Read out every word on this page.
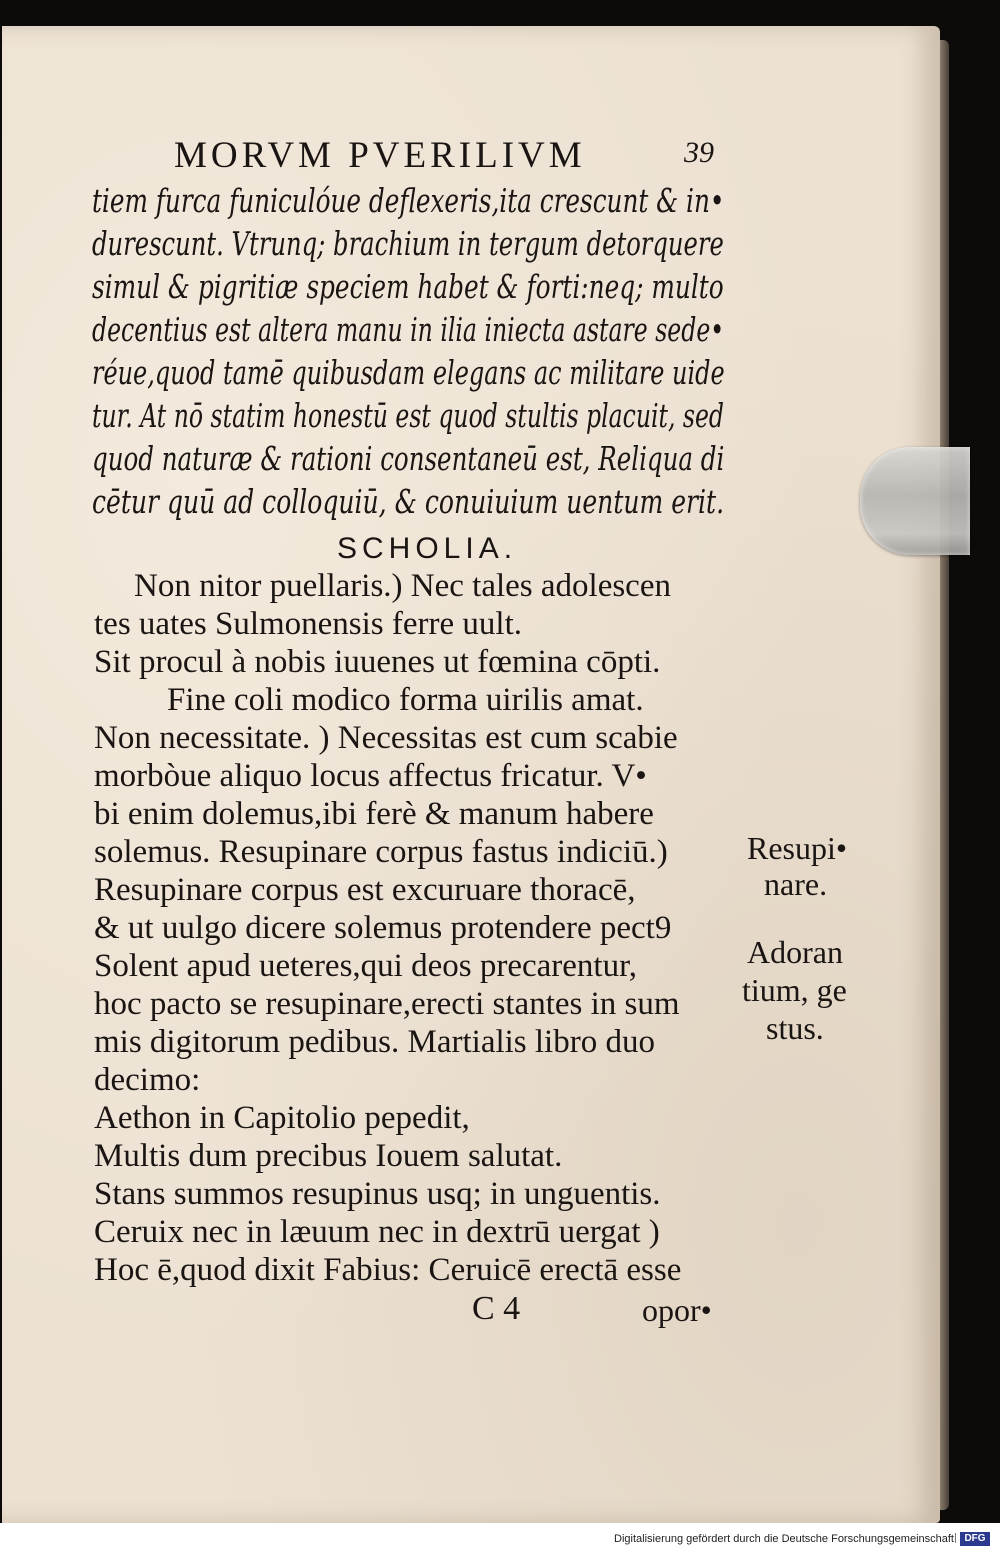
MORVM PVERILIVM	39
tiem furca funiculóue deflexeris,ita crescunt & in•
durescunt. Vtrunq; brachium in tergum detorquere
simul & pigritiæ speciem habet & forti:neq; multo
decentius est altera manu in ilia iniecta astare sede•
réue,quod tamē quibusdam elegans ac militare uide
tur. At nō statim honestū est quod stultis placuit, sed
quod naturæ & rationi consentaneū est, Reliqua di
cētur quū ad colloquiū, & conuiuium uentum erit.
SCHOLIA.
Non nitor puellaris.) Nec tales adolescen
tes uates Sulmonensis ferre uult.
Sit procul à nobis iuuenes ut fœmina cōpti.
Fine coli modico forma uirilis amat.
Non necessitate. ) Necessitas est cum scabie
morbòue aliquo locus affectus fricatur. V•
bi enim dolemus,ibi ferè & manum habere
solemus. Resupinare corpus fastus indiciū.)
Resupinare corpus est excuruare thoracē,
& ut uulgo dicere solemus protendere pect9
Solent apud ueteres,qui deos precarentur,
hoc pacto se resupinare,erecti stantes in sum
mis digitorum pedibus. Martialis libro duo
decimo:
Aethon in Capitolio pepedit,
Multis dum precibus Iouem salutat.
Stans summos resupinus usq; in unguentis.
Ceruix nec in læuum nec in dextrū uergat )
Hoc ē,quod dixit Fabius: Ceruicē erectā esse
C 4	opor•
Resupi•
nare.
Adoran
tium, ge
stus.
Digitalisierung gefördert durch die Deutsche Forschungsgemeinschaft	DFG
